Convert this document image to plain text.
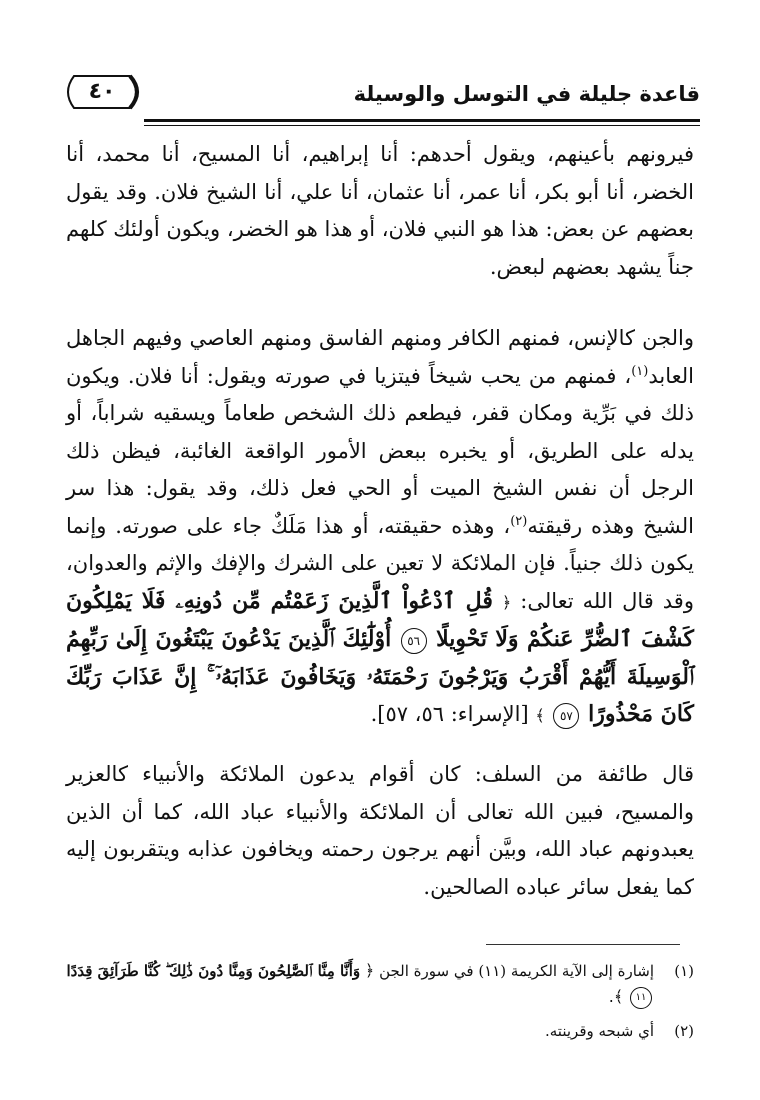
٤٠	قاعدة جليلة في التوسل والوسيلة
فيرونهم بأعينهم، ويقول أحدهم: أنا إبراهيم، أنا المسيح، أنا محمد، أنا الخضر، أنا أبو بكر، أنا عمر، أنا عثمان، أنا علي، أنا الشيخ فلان. وقد يقول بعضهم عن بعض: هذا هو النبي فلان، أو هذا هو الخضر، ويكون أولئك كلهم جناً يشهد بعضهم لبعض.
والجن كالإنس، فمنهم الكافر ومنهم الفاسق ومنهم العاصي وفيهم الجاهل العابد$^{(١)}$، فمنهم من يحب شيخاً فيتزيا في صورته ويقول: أنا فلان. ويكون ذلك في بَرِّية ومكان قفر، فيطعم ذلك الشخص طعاماً ويسقيه شراباً، أو يدله على الطريق، أو يخبره ببعض الأمور الواقعة الغائبة، فيظن ذلك الرجل أن نفس الشيخ الميت أو الحي فعل ذلك، وقد يقول: هذا سر الشيخ وهذه رقيقته$^{(٢)}$، وهذه حقيقته، أو هذا مَلَكٌ جاء على صورته. وإنما يكون ذلك جنياً. فإن الملائكة لا تعين على الشرك والإفك والإثم والعدوان، وقد قال الله تعالى: ﴿ قُلِ ٱدْعُواْ ٱلَّذِينَ زَعَمْتُم مِّن دُونِهِۦ فَلَا يَمْلِكُونَ كَشْفَ ٱلضُّرِّ عَنكُمْ وَلَا تَحْوِيلًا ٥٦ أُوْلَٰٓئِكَ ٱلَّذِينَ يَدْعُونَ يَبْتَغُونَ إِلَىٰ رَبِّهِمُ ٱلْوَسِيلَةَ أَيُّهُمْ أَقْرَبُ وَيَرْجُونَ رَحْمَتَهُۥ وَيَخَافُونَ عَذَابَهُۥٓ ۚ إِنَّ عَذَابَ رَبِّكَ كَانَ مَحْذُورًا ٥٧ ﴾ [الإسراء: ٥٦، ٥٧].
قال طائفة من السلف: كان أقوام يدعون الملائكة والأنبياء كالعزير والمسيح، فبين الله تعالى أن الملائكة والأنبياء عباد الله، كما أن الذين يعبدونهم عباد الله، وبيَّن أنهم يرجون رحمته ويخافون عذابه ويتقربون إليه كما يفعل سائر عباده الصالحين.
(١)
إشارة إلى الآية الكريمة (١١) في سورة الجن ﴿ وَأَنَّا مِنَّا ٱلصَّٰلِحُونَ وَمِنَّا دُونَ ذَٰلِكَ ۖ كُنَّا طَرَآئِقَ قِدَدًا ١١ ﴾.
(٢)
أي شبحه وقرينته.
